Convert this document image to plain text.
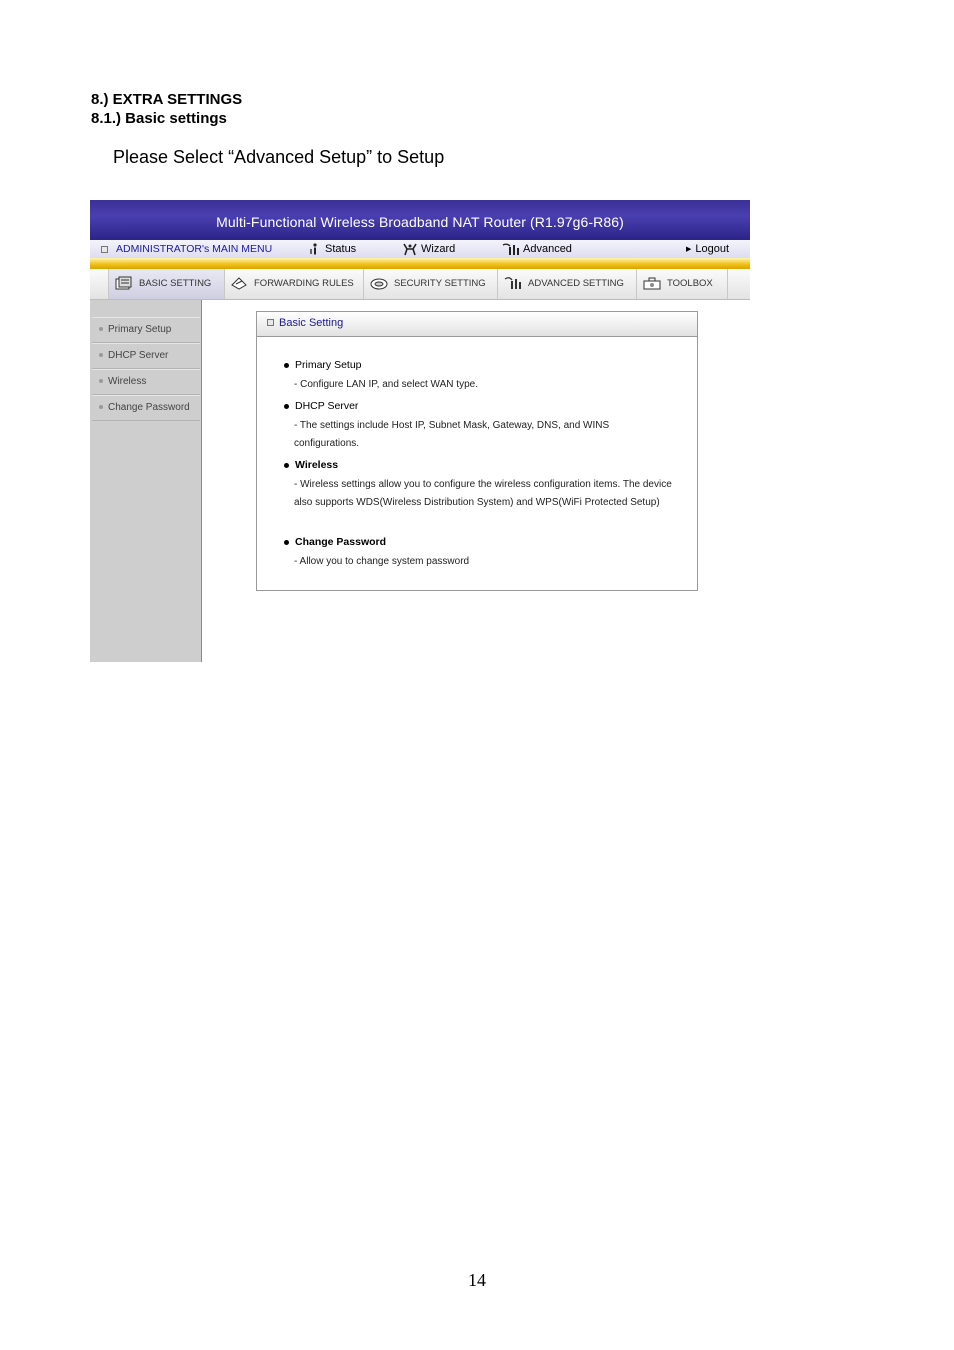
8.) EXTRA SETTINGS
8.1.) Basic settings
Please Select “Advanced Setup” to Setup
Multi-Functional Wireless Broadband NAT Router (R1.97g6-R86)
ADMINISTRATOR's MAIN MENU	Status	Wizard	Advanced	▶ Logout
BASIC SETTING	FORWARDING RULES	SECURITY SETTING	ADVANCED SETTING	TOOLBOX
Primary Setup
DHCP Server
Wireless
Change Password
Basic Setting
Primary Setup
- Configure LAN IP, and select WAN type.
DHCP Server
- The settings include Host IP, Subnet Mask, Gateway, DNS, and WINS configurations.
Wireless
- Wireless settings allow you to configure the wireless configuration items. The device also supports WDS(Wireless Distribution System) and WPS(WiFi Protected Setup)
Change Password
- Allow you to change system password
14
